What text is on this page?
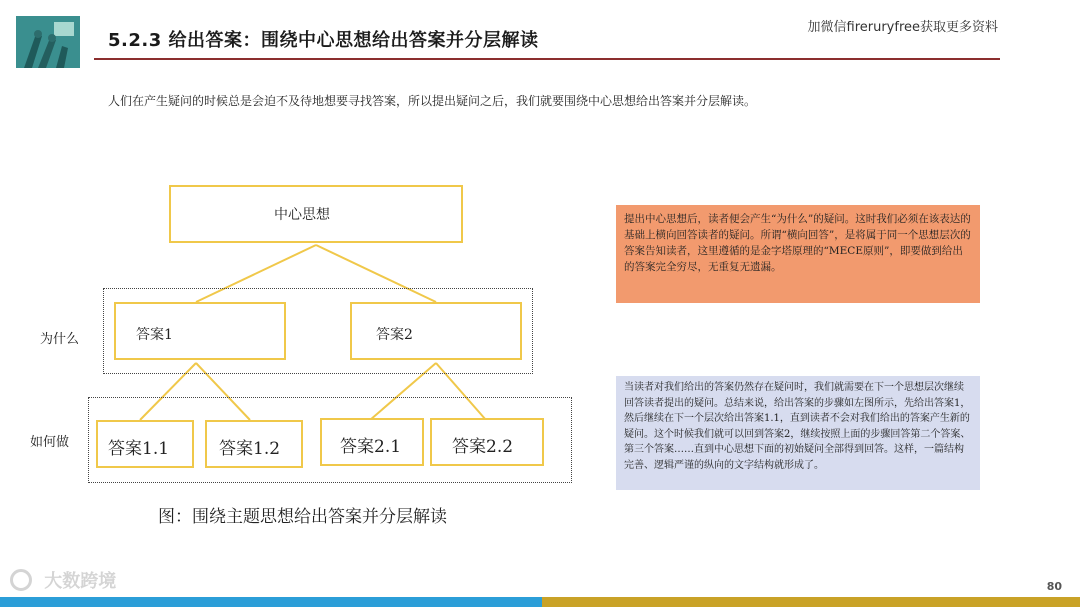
5.2.3 给出答案：围绕中心思想给出答案并分层解读
加微信fireruryfree获取更多资料
人们在产生疑问的时候总是会迫不及待地想要寻找答案，所以提出疑问之后，我们就要围绕中心思想给出答案并分层解读。
中心思想
为什么	答案1	答案2
如何做 答案1.1	答案1.2	答案2.1	答案2.2
图：围绕主题思想给出答案并分层解读
提出中心思想后，读者便会产生“为什么”的疑问。这时我们必须在该表达的基础上横向回答读者的疑问。所谓“横向回答”，是将属于同一个思想层次的答案告知读者，这里遵循的是金字塔原理的“MECE原则”，即要做到给出的答案完全穷尽，无重复无遗漏。
当读者对我们给出的答案仍然存在疑问时，我们就需要在下一个思想层次继续回答读者提出的疑问。总结来说，给出答案的步骤如左图所示，先给出答案1，然后继续在下一个层次给出答案1.1，直到读者不会对我们给出的答案产生新的疑问。这个时候我们就可以回到答案2，继续按照上面的步骤回答第二个答案、第三个答案……直到中心思想下面的初始疑问全部得到回答。这样，一篇结构完善、逻辑严谨的纵向的文字结构就形成了。
大数跨境	80
